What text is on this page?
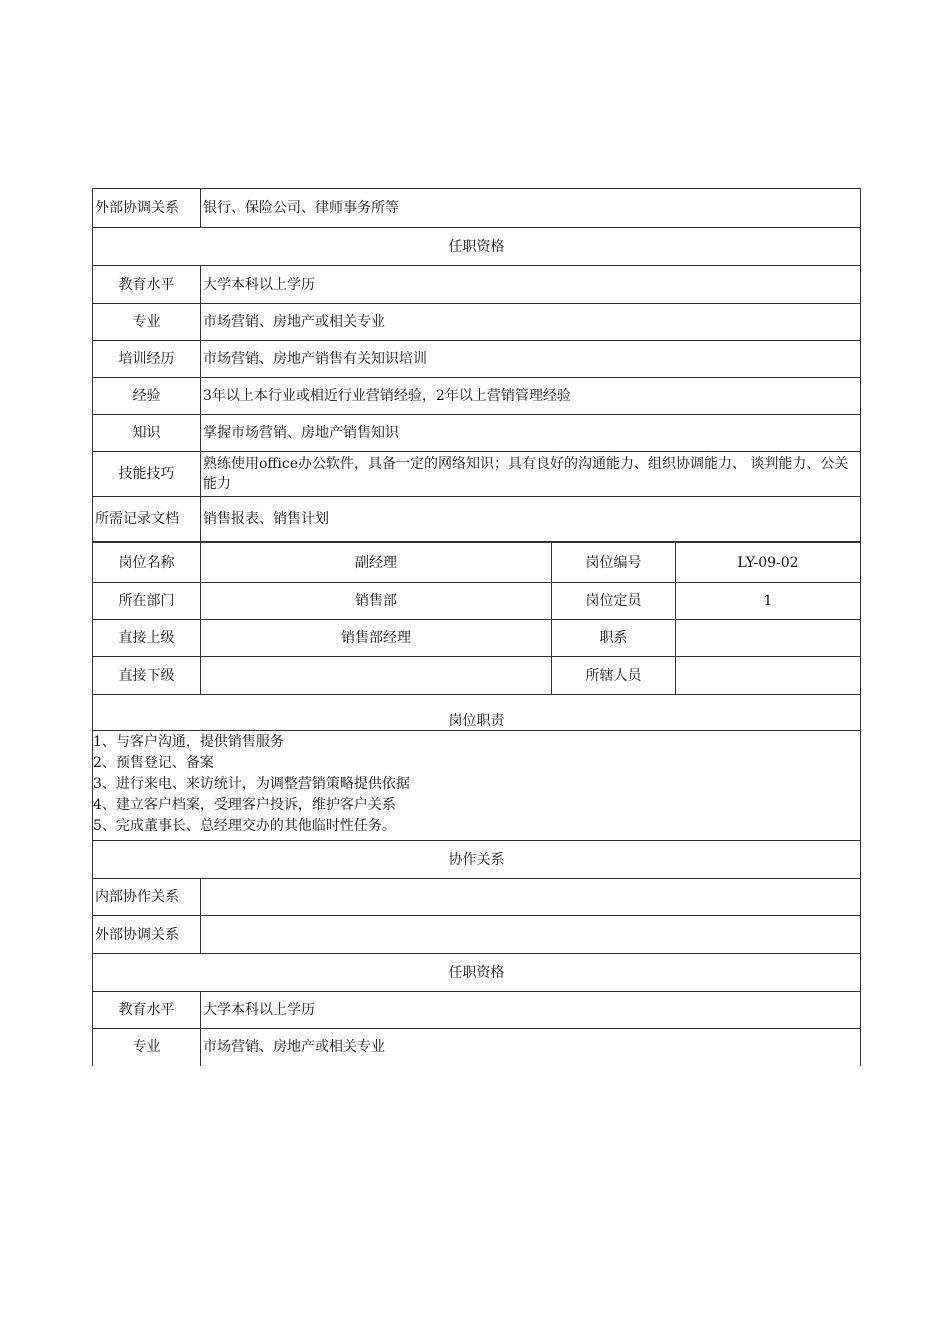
外部协调关系	银行、保险公司、律师事务所等
任职资格	
教育水平	大学本科以上学历
专业	市场营销、房地产或相关专业
培训经历	市场营销、房地产销售有关知识培训
经验	3年以上本行业或相近行业营销经验，2年以上营销管理经验
知识	掌握市场营销、房地产销售知识
技能技巧	熟练使用office办公软件，具备一定的网络知识；具有良好的沟通能力、组织协调能力、 谈判能力、公关能力
所需记录文档	销售报表、销售计划
岗位名称	副经理	岗位编号	LY-09-02
所在部门	销售部	岗位定员	1
直接上级	销售部经理	职系	
直接下级		所辖人员	
岗位职责			

1、与客户沟通，提供销售服务
2、预售登记、备案
3、进行来电、来访统计，为调整营销策略提供依据
4、建立客户档案，受理客户投诉，维护客户关系
5、完成董事长、总经理交办的其他临时性任务。			

协作关系			
内部协作关系			
外部协调关系			
任职资格			
教育水平	大学本科以上学历		
专业	市场营销、房地产或相关专业		
